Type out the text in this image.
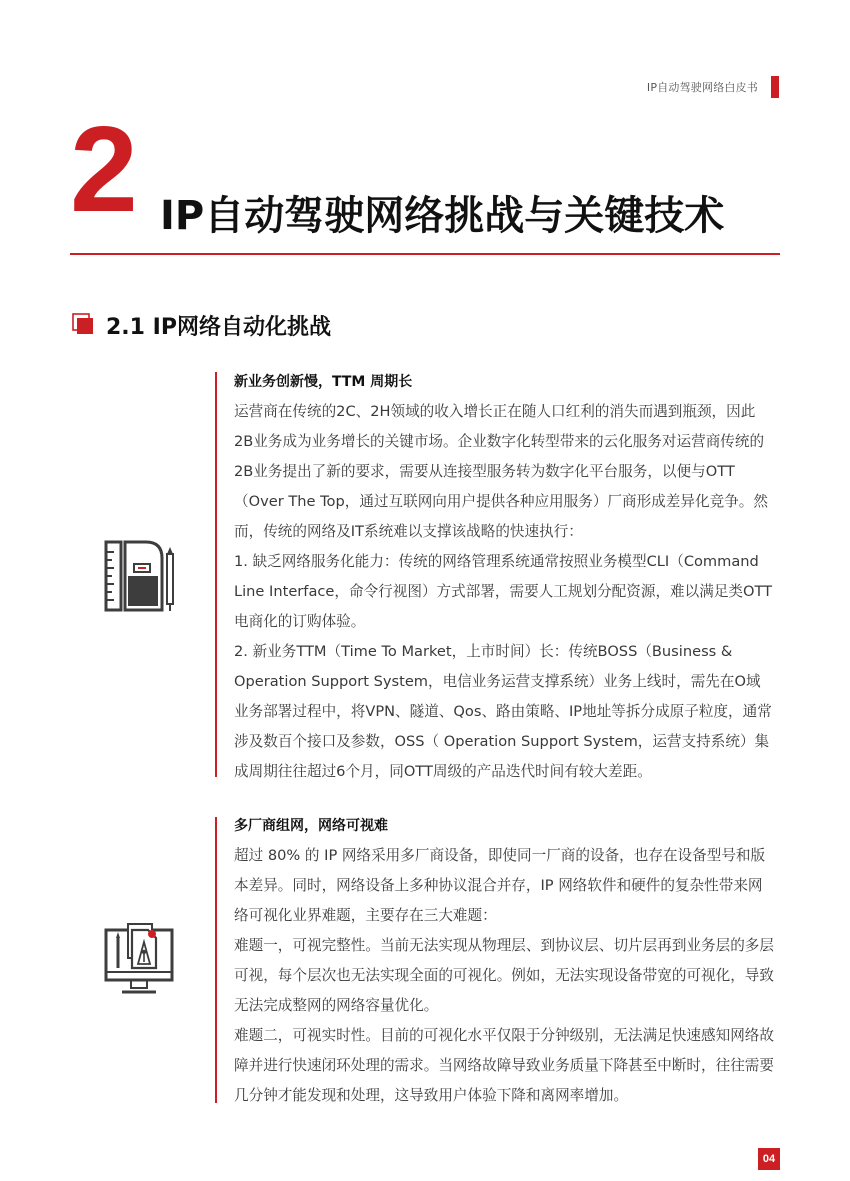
IP自动驾驶网络白皮书
2 IP自动驾驶网络挑战与关键技术
2.1 IP网络自动化挑战

新业务创新慢，TTM 周期长

运营商在传统的2C、2H领域的收入增长正在随人口红利的消失而遇到瓶颈，因此2B业务成为业务增长的关键市场。企业数字化转型带来的云化服务对运营商传统的2B业务提出了新的要求，需要从连接型服务转为数字化平台服务，以便与OTT（Over The Top，通过互联网向用户提供各种应用服务）厂商形成差异化竞争。然而，传统的网络及IT系统难以支撑该战略的快速执行：

1. 缺乏网络服务化能力：传统的网络管理系统通常按照业务模型CLI（Command Line Interface，命令行视图）方式部署，需要人工规划分配资源，难以满足类OTT电商化的订购体验。

2. 新业务TTM（Time To Market，上市时间）长：传统BOSS（Business & Operation Support System，电信业务运营支撑系统）业务上线时，需先在O域业务部署过程中，将VPN、隧道、Qos、路由策略、IP地址等拆分成原子粒度，通常涉及数百个接口及参数，OSS（ Operation Support System，运营支持系统）集成周期往往超过6个月，同OTT周级的产品迭代时间有较大差距。

多厂商组网，网络可视难

超过 80% 的 IP 网络采用多厂商设备，即使同一厂商的设备，也存在设备型号和版本差异。同时，网络设备上多种协议混合并存，IP 网络软件和硬件的复杂性带来网络可视化业界难题，主要存在三大难题：

难题一，可视完整性。当前无法实现从物理层、到协议层、切片层再到业务层的多层可视，每个层次也无法实现全面的可视化。例如，无法实现设备带宽的可视化，导致无法完成整网的网络容量优化。

难题二，可视实时性。目前的可视化水平仅限于分钟级别，无法满足快速感知网络故障并进行快速闭环处理的需求。当网络故障导致业务质量下降甚至中断时，往往需要几分钟才能发现和处理，这导致用户体验下降和离网率增加。

04
